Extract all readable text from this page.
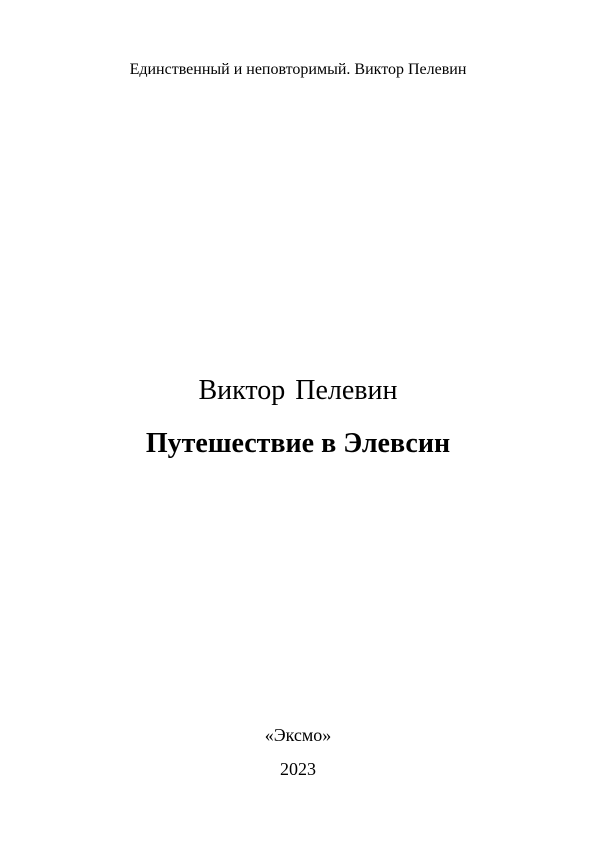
Единственный и неповторимый. Виктор Пелевин

Виктор Пелевин
Путешествие в Элевсин

«Эксмо»

2023
